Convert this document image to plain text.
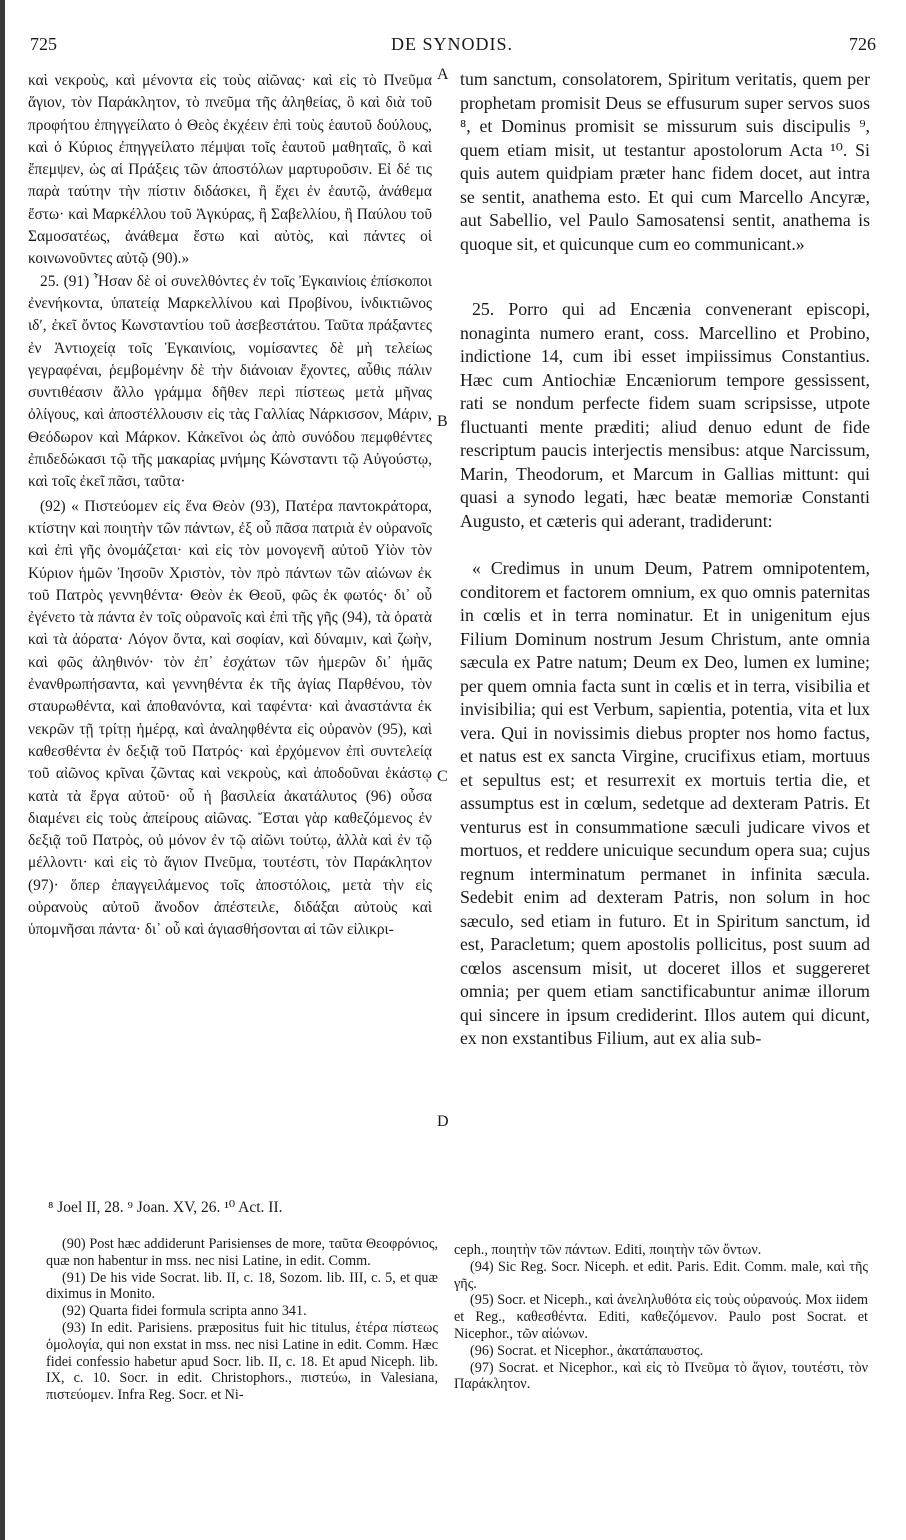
725	DE SYNODIS.	726

καὶ νεκροὺς, καὶ μένοντα εἰς τοὺς αἰῶνας· καὶ εἰς τὸ Πνεῦμα ἅγιον, τὸν Παράκλητον, τὸ πνεῦμα τῆς ἀληθείας, ὃ καὶ διὰ τοῦ προφήτου ἐπηγγείλατο ὁ Θεὸς ἐκχέειν ἐπὶ τοὺς ἑαυτοῦ δούλους, καὶ ὁ Κύριος ἐπηγγείλατο πέμψαι τοῖς ἑαυτοῦ μαθηταῖς, ὃ καὶ ἔπεμψεν, ὡς αἱ Πράξεις τῶν ἀποστόλων μαρτυροῦσιν. Εἰ δέ τις παρὰ ταύτην τὴν πίστιν διδάσκει, ἢ ἔχει ἐν ἑαυτῷ, ἀνάθεμα ἔστω· καὶ Μαρκέλλου τοῦ Ἀγκύρας, ἢ Σαβελλίου, ἢ Παύλου τοῦ Σαμοσατέως, ἀνάθεμα ἔστω καὶ αὐτὸς, καὶ πάντες οἱ κοινωνοῦντες αὐτῷ (90).»

25. (91) Ἦσαν δὲ οἱ συνελθόντες ἐν τοῖς Ἐγκαινίοις ἐπίσκοποι ἐνενήκοντα, ὑπατείᾳ Μαρκελλίνου καὶ Προβίνου, ἰνδικτιῶνος ιδʹ, ἐκεῖ ὄντος Κωνσταντίου τοῦ ἀσεβεστάτου. Ταῦτα πράξαντες ἐν Ἀντιοχείᾳ τοῖς Ἐγκαινίοις, νομίσαντες δὲ μὴ τελείως γεγραφέναι, ῥεμβομένην δὲ τὴν διάνοιαν ἔχοντες, αὖθις πάλιν συντιθέασιν ἄλλο γράμμα δῆθεν περὶ πίστεως μετὰ μῆνας ὀλίγους, καὶ ἀποστέλλουσιν εἰς τὰς Γαλλίας Νάρκισσον, Μάριν, Θεόδωρον καὶ Μάρκον. Κἀκεῖνοι ὡς ἀπὸ συνόδου πεμφθέντες ἐπιδεδώκασι τῷ τῆς μακαρίας μνήμης Κώνσταντι τῷ Αὐγούστῳ, καὶ τοῖς ἐκεῖ πᾶσι, ταῦτα·

(92) « Πιστεύομεν εἰς ἕνα Θεὸν (93), Πατέρα παντοκράτορα, κτίστην καὶ ποιητὴν τῶν πάντων, ἐξ οὗ πᾶσα πατριὰ ἐν οὐρανοῖς καὶ ἐπὶ γῆς ὀνομάζεται· καὶ εἰς τὸν μονογενῆ αὐτοῦ Υἱὸν τὸν Κύριον ἡμῶν Ἰησοῦν Χριστὸν, τὸν πρὸ πάντων τῶν αἰώνων ἐκ τοῦ Πατρὸς γεννηθέντα· Θεὸν ἐκ Θεοῦ, φῶς ἐκ φωτός· δι᾿ οὗ ἐγένετο τὰ πάντα ἐν τοῖς οὐρανοῖς καὶ ἐπὶ τῆς γῆς (94), τὰ ὁρατὰ καὶ τὰ ἀόρατα· Λόγον ὄντα, καὶ σοφίαν, καὶ δύναμιν, καὶ ζωὴν, καὶ φῶς ἀληθινόν· τὸν ἐπ᾿ ἐσχάτων τῶν ἡμερῶν δι᾿ ἡμᾶς ἐνανθρωπήσαντα, καὶ γεννηθέντα ἐκ τῆς ἁγίας Παρθένου, τὸν σταυρωθέντα, καὶ ἀποθανόντα, καὶ ταφέντα· καὶ ἀναστάντα ἐκ νεκρῶν τῇ τρίτῃ ἡμέρᾳ, καὶ ἀναληφθέντα εἰς οὐρανὸν (95), καὶ καθεσθέντα ἐν δεξιᾷ τοῦ Πατρός· καὶ ἐρχόμενον ἐπὶ συντελείᾳ τοῦ αἰῶνος κρῖναι ζῶντας καὶ νεκροὺς, καὶ ἀποδοῦναι ἑκάστῳ κατὰ τὰ ἔργα αὐτοῦ· οὗ ἡ βασιλεία ἀκατάλυτος (96) οὖσα διαμένει εἰς τοὺς ἀπείρους αἰῶνας. Ἔσται γὰρ καθεζόμενος ἐν δεξιᾷ τοῦ Πατρὸς, οὐ μόνον ἐν τῷ αἰῶνι τούτῳ, ἀλλὰ καὶ ἐν τῷ μέλλοντι· καὶ εἰς τὸ ἅγιον Πνεῦμα, τουτέστι, τὸν Παράκλητον (97)· ὅπερ ἐπαγγειλάμενος τοῖς ἀποστόλοις, μετὰ τὴν εἰς οὐρανοὺς αὐτοῦ ἄνοδον ἀπέστειλε, διδάξαι αὐτοὺς καὶ ὑπομνῆσαι πάντα· δι᾿ οὗ καὶ ἁγιασθήσονται αἱ τῶν εἰλικρι-

A
B
C
D

tum sanctum, consolatorem, Spiritum veritatis, quem per prophetam promisit Deus se effusurum super servos suos ⁸, et Dominus promisit se missurum suis discipulis ⁹, quem etiam misit, ut testantur apostolorum Acta ¹⁰. Si quis autem quidpiam præter hanc fidem docet, aut intra se sentit, anathema esto. Et qui cum Marcello Ancyræ, aut Sabellio, vel Paulo Samosatensi sentit, anathema is quoque sit, et quicunque cum eo communicant.»

25. Porro qui ad Encænia convenerant episcopi, nonaginta numero erant, coss. Marcellino et Probino, indictione 14, cum ibi esset impiissimus Constantius. Hæc cum Antiochiæ Encæniorum tempore gessissent, rati se nondum perfecte fidem suam scripsisse, utpote fluctuanti mente præditi; aliud denuo edunt de fide rescriptum paucis interjectis mensibus: atque Narcissum, Marin, Theodorum, et Marcum in Gallias mittunt: qui quasi a synodo legati, hæc beatæ memoriæ Constanti Augusto, et cæteris qui aderant, tradiderunt:

« Credimus in unum Deum, Patrem omnipotentem, conditorem et factorem omnium, ex quo omnis paternitas in cœlis et in terra nominatur. Et in unigenitum ejus Filium Dominum nostrum Jesum Christum, ante omnia sæcula ex Patre natum; Deum ex Deo, lumen ex lumine; per quem omnia facta sunt in cœlis et in terra, visibilia et invisibilia; qui est Verbum, sapientia, potentia, vita et lux vera. Qui in novissimis diebus propter nos homo factus, et natus est ex sancta Virgine, crucifixus etiam, mortuus et sepultus est; et resurrexit ex mortuis tertia die, et assumptus est in cœlum, sedetque ad dexteram Patris. Et venturus est in consummatione sæculi judicare vivos et mortuos, et reddere unicuique secundum opera sua; cujus regnum interminatum permanet in infinita sæcula. Sedebit enim ad dexteram Patris, non solum in hoc sæculo, sed etiam in futuro. Et in Spiritum sanctum, id est, Paracletum; quem apostolis pollicitus, post suum ad cœlos ascensum misit, ut doceret illos et suggereret omnia; per quem etiam sanctificabuntur animæ illorum qui sincere in ipsum crediderint. Illos autem qui dicunt, ex non exstantibus Filium, aut ex alia sub-

⁸ Joel II, 28. ⁹ Joan. XV, 26. ¹⁰ Act. II.

(90) Post hæc addiderunt Parisienses de more, ταῦτα Θεοφρόνιος, quæ non habentur in mss. nec nisi Latine, in edit. Comm.

(91) De his vide Socrat. lib. II, c. 18, Sozom. lib. III, c. 5, et quæ diximus in Monito.

(92) Quarta fidei formula scripta anno 341.

(93) In edit. Parisiens. præpositus fuit hic titulus, ἑτέρα πίστεως ὁμολογία, qui non exstat in mss. nec nisi Latine in edit. Comm. Hæc fidei confessio habetur apud Socr. lib. II, c. 18. Et apud Niceph. lib. IX, c. 10. Socr. in edit. Christophors., πιστεύω, in Valesiana, πιστεύομεν. Infra Reg. Socr. et Ni-

ceph., ποιητὴν τῶν πάντων. Editi, ποιητὴν τῶν ὄντων.

(94) Sic Reg. Socr. Niceph. et edit. Paris. Edit. Comm. male, καὶ τῆς γῆς.

(95) Socr. et Niceph., καὶ ἀνεληλυθότα εἰς τοὺς οὐρανούς. Mox iidem et Reg., καθεσθέντα. Editi, καθεζόμενον. Paulo post Socrat. et Nicephor., τῶν αἰώνων.

(96) Socrat. et Nicephor., ἀκατάπαυστος.

(97) Socrat. et Nicephor., καὶ εἰς τὸ Πνεῦμα τὸ ἅγιον, τουτέστι, τὸν Παράκλητον.
